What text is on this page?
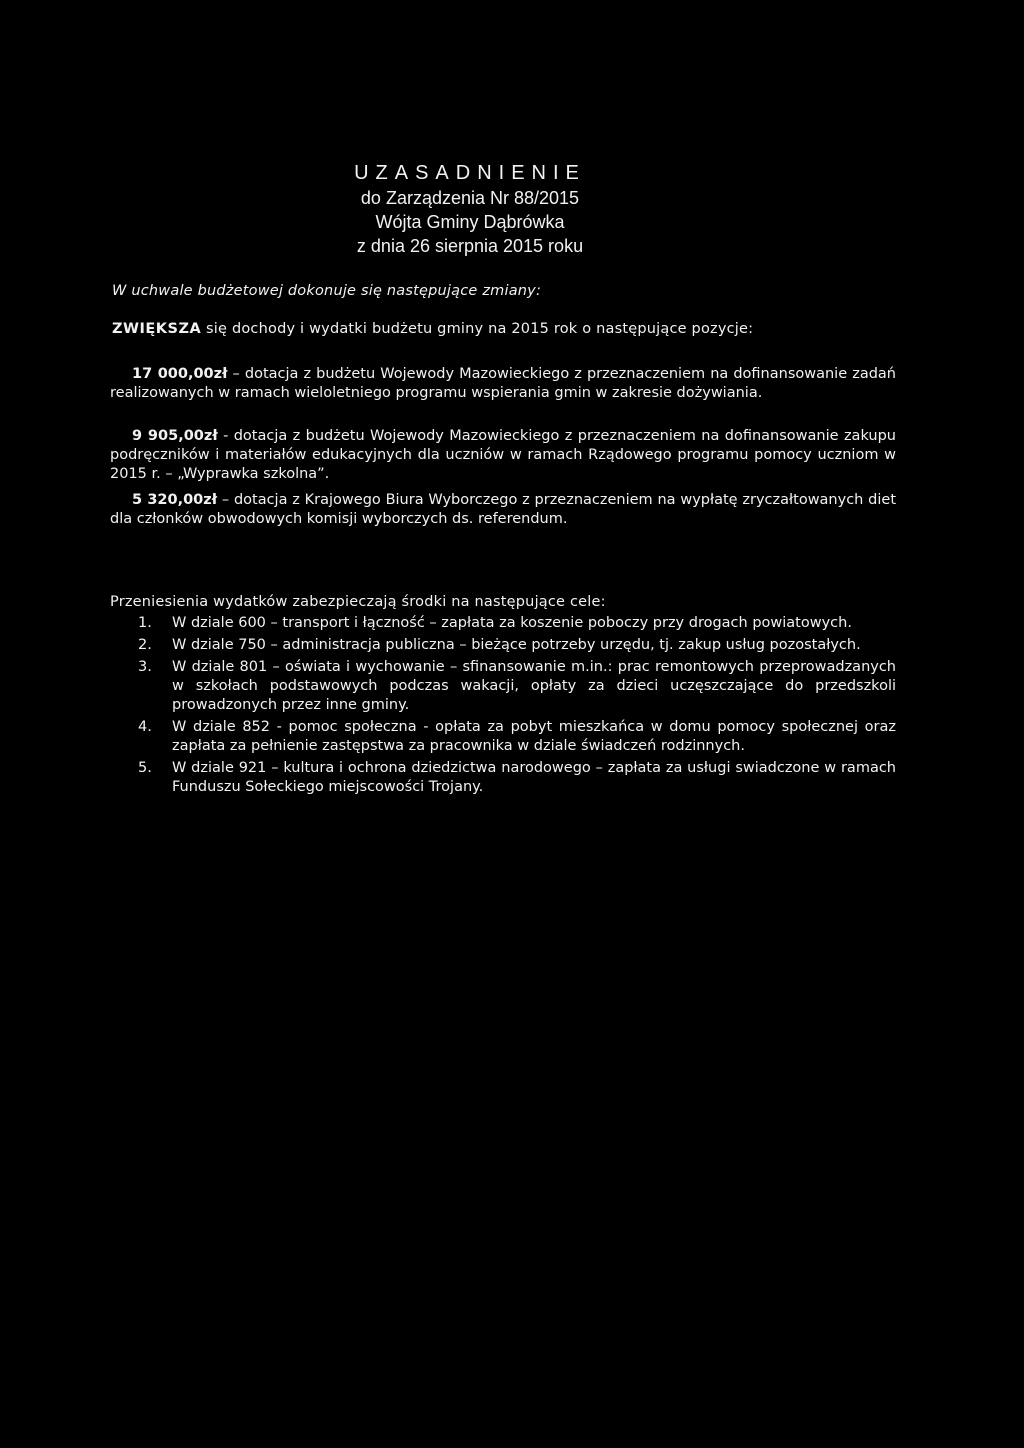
UZASADNIENIE
do Zarządzenia Nr 88/2015
Wójta Gminy Dąbrówka
z dnia 26 sierpnia 2015 roku
W uchwale budżetowej dokonuje się następujące zmiany:
ZWIĘKSZA się dochody i wydatki budżetu gminy na 2015 rok o następujące pozycje:
17 000,00zł – dotacja z budżetu Wojewody Mazowieckiego z przeznaczeniem na dofinansowanie zadań realizowanych w ramach wieloletniego programu wspierania gmin w zakresie dożywiania.
9 905,00zł - dotacja z budżetu Wojewody Mazowieckiego z przeznaczeniem na dofinansowanie zakupu podręczników i materiałów edukacyjnych dla uczniów w ramach Rządowego programu pomocy uczniom w 2015 r. – „Wyprawka szkolna”.
5 320,00zł – dotacja z Krajowego Biura Wyborczego z przeznaczeniem na wypłatę zryczałtowanych diet dla członków obwodowych komisji wyborczych ds. referendum.
Przeniesienia wydatków zabezpieczają środki na następujące cele:
1. W dziale 600 – transport i łączność – zapłata za koszenie poboczy przy drogach powiatowych.
2. W dziale 750 – administracja publiczna – bieżące potrzeby urzędu, tj. zakup usług pozostałych.
3. W dziale 801 – oświata i wychowanie – sfinansowanie m.in.: prac remontowych przeprowadzanych w szkołach podstawowych podczas wakacji, opłaty za dzieci uczęszczające do przedszkoli prowadzonych przez inne gminy.
4. W dziale 852 - pomoc społeczna - opłata za pobyt mieszkańca w domu pomocy społecznej oraz zapłata za pełnienie zastępstwa za pracownika w dziale świadczeń rodzinnych.
5. W dziale 921 – kultura i ochrona dziedzictwa narodowego – zapłata za usługi swiadczone w ramach Funduszu Sołeckiego miejscowości Trojany.
